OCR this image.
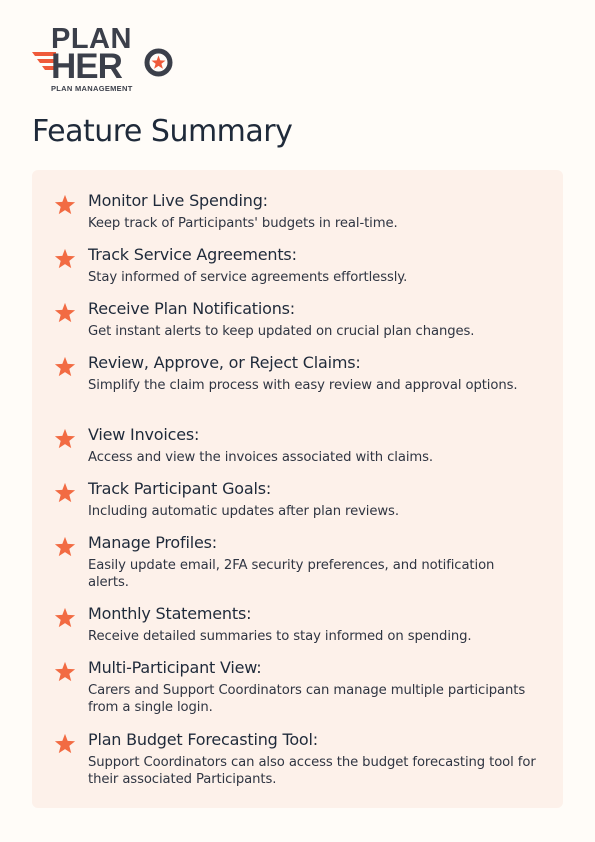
PLAN
HER
PLAN MANAGEMENT
Feature Summary
Monitor Live Spending:
Keep track of Participants' budgets in real-time.
Track Service Agreements:
Stay informed of service agreements effortlessly.
Receive Plan Notifications:
Get instant alerts to keep updated on crucial plan changes.
Review, Approve, or Reject Claims:
Simplify the claim process with easy review and approval options.
View Invoices:
Access and view the invoices associated with claims.
Track Participant Goals:
Including automatic updates after plan reviews.
Manage Profiles:
Easily update email, 2FA security preferences, and notification alerts.
Monthly Statements:
Receive detailed summaries to stay informed on spending.
Multi-Participant View:
Carers and Support Coordinators can manage multiple participants from a single login.
Plan Budget Forecasting Tool:
Support Coordinators can also access the budget forecasting tool for their associated Participants.
